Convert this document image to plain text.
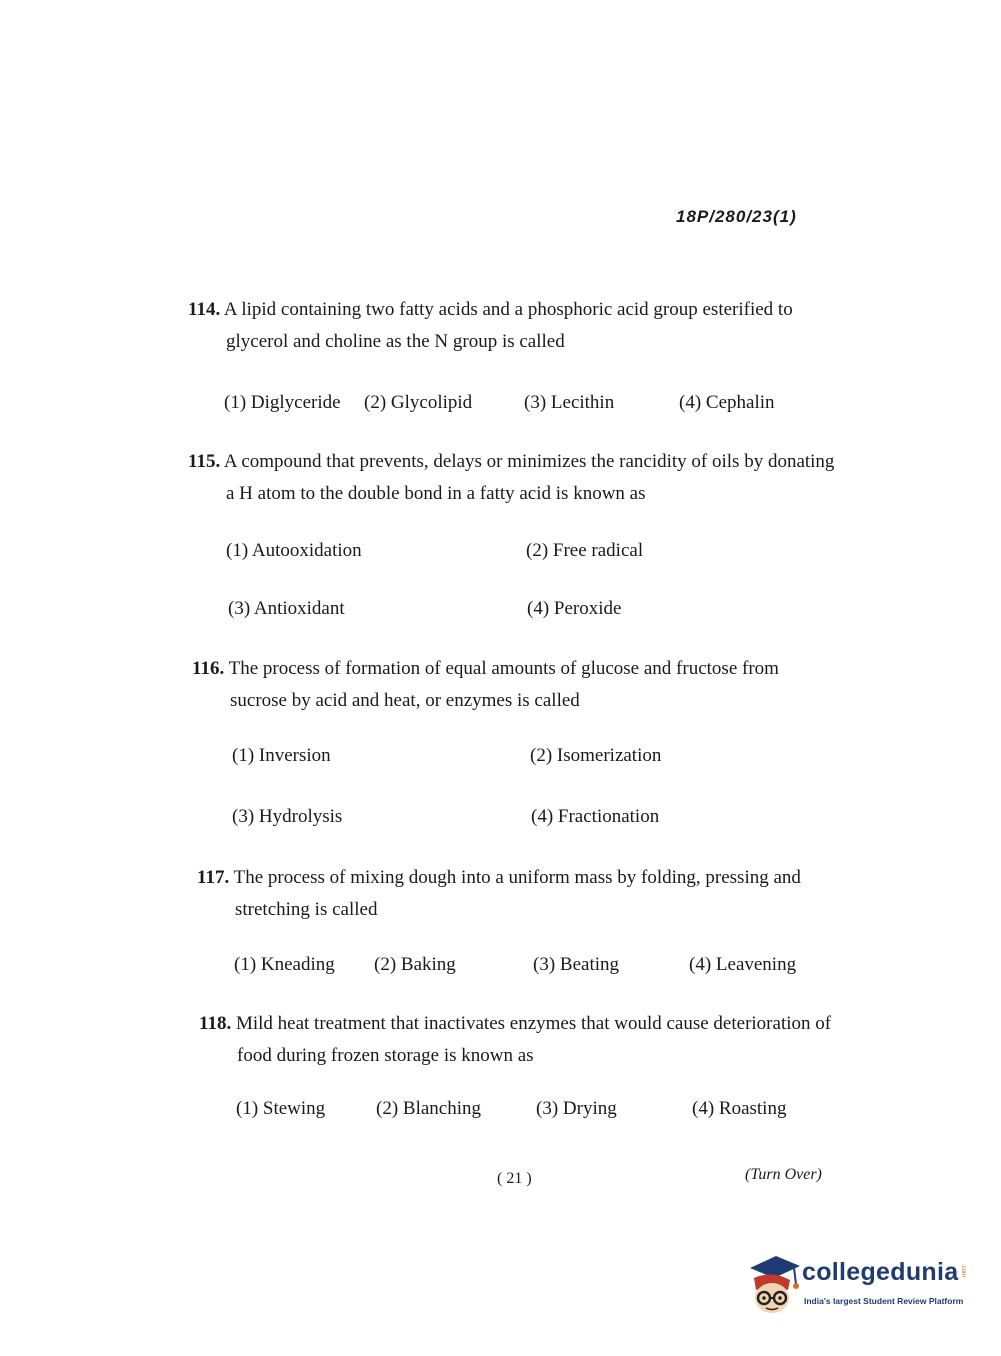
18P/280/23(1)
114. A lipid containing two fatty acids and a phosphoric acid group esterified to
glycerol and choline as the N group is called
(1) Diglyceride (2) Glycolipid	(3) Lecithin	(4) Cephalin
115. A compound that prevents, delays or minimizes the rancidity of oils by donating
a H atom to the double bond in a fatty acid is known as
(1) Autooxidation	(2) Free radical
(3) Antioxidant	(4) Peroxide
116. The process of formation of equal amounts of glucose and fructose from
sucrose by acid and heat, or enzymes is called
(1) Inversion	(2) Isomerization
(3) Hydrolysis	(4) Fractionation
117. The process of mixing dough into a uniform mass by folding, pressing and
stretching is called
(1) Kneading (2) Baking	(3) Beating	(4) Leavening
118. Mild heat treatment that inactivates enzymes that would cause deterioration of
food during frozen storage is known as
(1) Stewing	(2) Blanching	(3) Drying	(4) Roasting
( 21 )	(Turn Over)
collegedunia .com
India's largest Student Review Platform
